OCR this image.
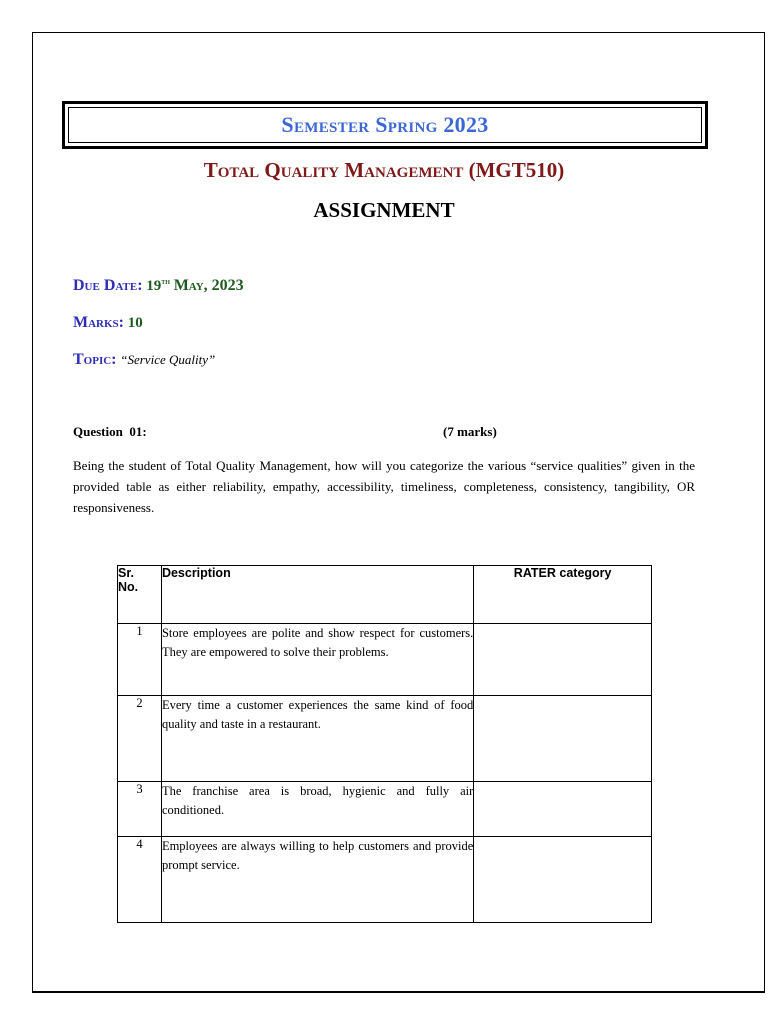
Semester Spring 2023
Total Quality Management (MGT510)
ASSIGNMENT
Due Date: 19th May, 2023
Marks: 10
Topic: “Service Quality”
Question  01:	(7 marks)
Being the student of Total Quality Management, how will you categorize the various “service qualities” given in the provided table as either reliability, empathy, accessibility, timeliness, completeness, consistency, tangibility, OR responsiveness.
Sr. No.	Description	RATER category
1	Store employees are polite and show respect for customers. They are empowered to solve their problems.	
2	Every time a customer experiences the same kind of food quality and taste in a restaurant.	
3	The franchise area is broad, hygienic and fully air conditioned.	
4	Employees are always willing to help customers and provide prompt service.	
